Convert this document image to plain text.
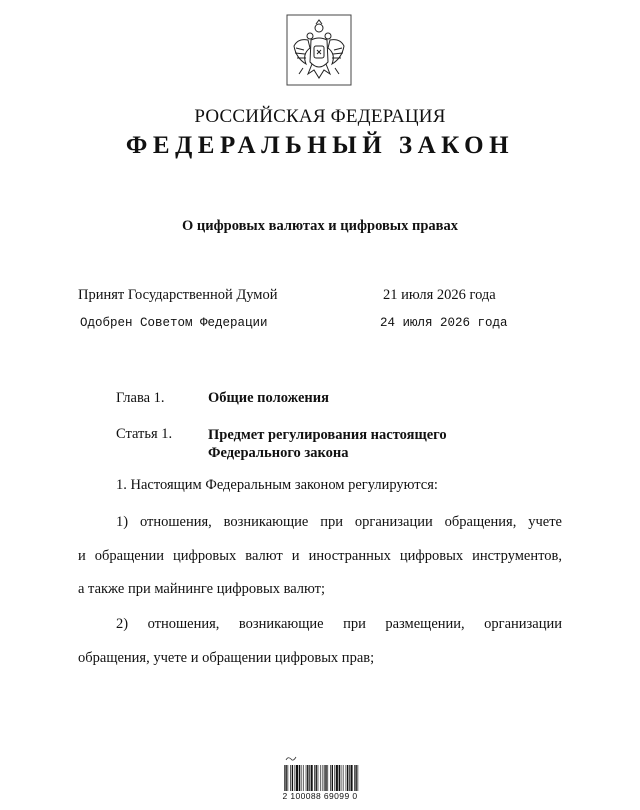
РОССИЙСКАЯ ФЕДЕРАЦИЯ
ФЕДЕРАЛЬНЫЙ ЗАКОН
О цифровых валютах и цифровых правах
Принят Государственной Думой	21 июля 2026 года
Одобрен Советом Федерации	24 июля 2026 года
Глава 1.	Общие положения
Статья 1. Предмет регулирования настоящего
Федерального закона
1. Настоящим Федеральным законом регулируются:
1) отношения, возникающие при организации обращения, учете
и обращении цифровых валют и иностранных цифровых инструментов,
а также при майнинге цифровых валют;
2) отношения, возникающие при размещении, организации
обращения, учете и обращении цифровых прав;
2 100088 69099 0
